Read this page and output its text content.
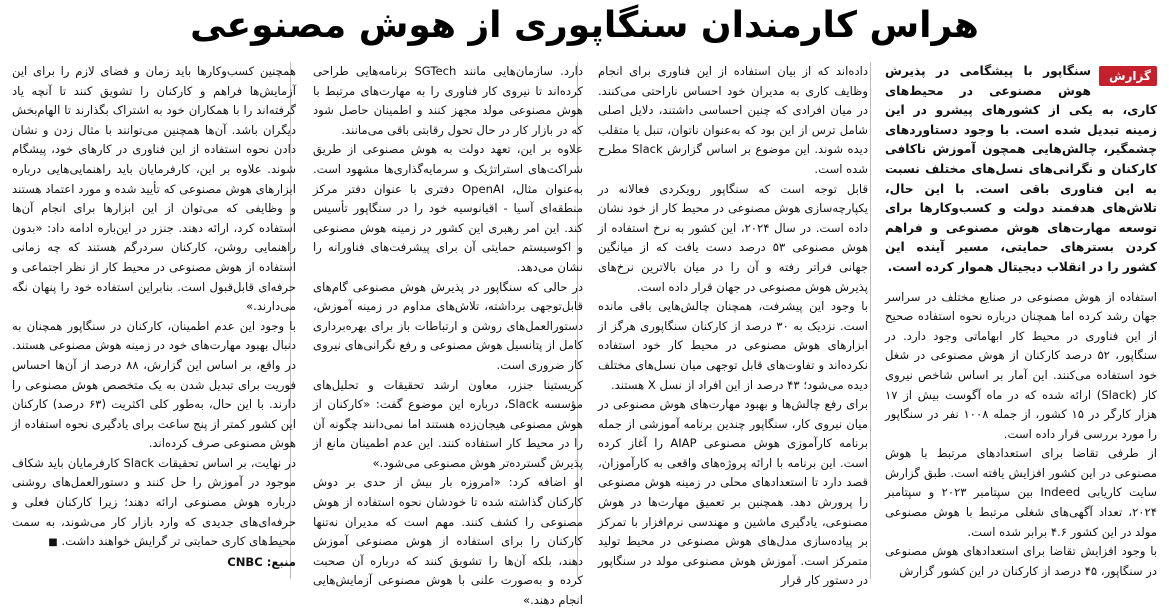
هراس کارمندان سنگاپوری از هوش مصنوعی

گزارش
سنگاپور با پیشگامی در پذیرش هوش مصنوعی در محیط‌های کاری، به یکی از کشورهای پیشرو در این زمینه تبدیل شده است. با وجود دستاوردهای چشمگیر، چالش‌هایی همچون آموزش ناکافی کارکنان و نگرانی‌های نسل‌های مختلف نسبت به این فناوری باقی است. با این حال، تلاش‌های هدفمند دولت و کسب‌وکارها برای توسعه مهارت‌های هوش مصنوعی و فراهم کردن بسترهای حمایتی، مسیر آینده این کشور را در انقلاب دیجیتال هموار کرده است.

استفاده از هوش مصنوعی در صنایع مختلف در سراسر جهان رشد کرده اما همچنان درباره نحوه استفاده صحیح از این فناوری در محیط کار ابهاماتی وجود دارد. در سنگاپور، ۵۲ درصد کارکنان از هوش مصنوعی در شغل خود استفاده می‌کنند. این آمار بر اساس شاخص نیروی کار (Slack) ارائه شده که در ماه آگوست بیش از ۱۷ هزار کارگر در ۱۵ کشور، از جمله ۱۰۰۸ نفر در سنگاپور را مورد بررسی قرار داده است.

از طرفی تقاضا برای استعدادهای مرتبط با هوش مصنوعی در این کشور افزایش یافته است. طبق گزارش سایت کاریابی Indeed بین سپتامبر ۲۰۲۳ و سپتامبر ۲۰۲۴، تعداد آگهی‌های شغلی مرتبط با هوش مصنوعی مولد در این کشور ۴.۶ برابر شده است.

با وجود افزایش تقاضا برای استعدادهای هوش مصنوعی در سنگاپور، ۴۵ درصد از کارکنان در این کشور گزارش

داده‌اند که از بیان استفاده از این فناوری برای انجام وظایف کاری به مدیران خود احساس ناراحتی می‌کنند. در میان افرادی که چنین احساسی داشتند، دلایل اصلی شامل ترس از این بود که به‌عنوان ناتوان، تنبل یا متقلب دیده شوند. این موضوع بر اساس گزارش Slack مطرح شده است.

قابل توجه است که سنگاپور رویکردی فعالانه در یکپارچه‌سازی هوش مصنوعی در محیط کار از خود نشان داده است. در سال ۲۰۲۴، این کشور به نرخ استفاده از هوش مصنوعی ۵۳ درصد دست یافت که از میانگین جهانی فراتر رفته و آن را در میان بالاترین نرخ‌های پذیرش هوش مصنوعی در جهان قرار داده است.

با وجود این پیشرفت، همچنان چالش‌هایی باقی مانده است. نزدیک به ۳۰ درصد از کارکنان سنگاپوری هرگز از ابزارهای هوش مصنوعی در محیط کار خود استفاده نکرده‌اند و تفاوت‌های قابل توجهی میان نسل‌های مختلف دیده می‌شود؛ ۴۳ درصد از این افراد از نسل X هستند.

برای رفع چالش‌ها و بهبود مهارت‌های هوش مصنوعی در میان نیروی کار، سنگاپور چندین برنامه آموزشی از جمله برنامه کارآموزی هوش مصنوعی AIAP را آغاز کرده است. این برنامه با ارائه پروژه‌های واقعی به کارآموزان، قصد دارد تا استعدادهای محلی در زمینه هوش مصنوعی را پرورش دهد. همچنین بر تعمیق مهارت‌ها در هوش مصنوعی، یادگیری ماشین و مهندسی نرم‌افزار با تمرکز بر پیاده‌سازی مدل‌های هوش مصنوعی در محیط تولید متمرکز است. آموزش هوش مصنوعی مولد در سنگاپور در دستور کار قرار

دارد. سازمان‌هایی مانند SGTech برنامه‌هایی طراحی کرده‌اند تا نیروی کار فناوری را به مهارت‌های مرتبط با هوش مصنوعی مولد مجهز کنند و اطمینان حاصل شود که در بازار کار در حال تحول رقابتی باقی می‌مانند.

علاوه بر این، تعهد دولت به هوش مصنوعی از طریق شراکت‌های استراتژیک و سرمایه‌گذاری‌ها مشهود است. به‌عنوان مثال، OpenAI دفتری با عنوان دفتر مرکز منطقه‌ای آسیا - اقیانوسیه خود را در سنگاپور تأسیس کند. این امر رهبری این کشور در زمینه هوش مصنوعی و اکوسیستم حمایتی آن برای پیشرفت‌های فناورانه را نشان می‌دهد.

در حالی که سنگاپور در پذیرش هوش مصنوعی گام‌های قابل‌توجهی برداشته، تلاش‌های مداوم در زمینه آموزش، دستورالعمل‌های روشن و ارتباطات باز برای بهره‌برداری کامل از پتانسیل هوش مصنوعی و رفع نگرانی‌های نیروی کار ضروری است.

کریستینا جنزر، معاون ارشد تحقیقات و تحلیل‌های مؤسسه Slack، درباره این موضوع گفت: «کارکنان از هوش مصنوعی هیجان‌زده هستند اما نمی‌دانند چگونه آن را در محیط کار استفاده کنند. این عدم اطمینان مانع از پذیرش گسترده‌تر هوش مصنوعی می‌شود.»

او اضافه کرد: «امروزه بار بیش از حدی بر دوش کارکنان گذاشته شده تا خودشان نحوه استفاده از هوش مصنوعی را کشف کنند. مهم است که مدیران نه‌تنها کارکنان را برای استفاده از هوش مصنوعی آموزش دهند، بلکه آن‌ها را تشویق کنند که درباره آن صحبت کرده و به‌صورت علنی با هوش مصنوعی آزمایش‌هایی انجام دهند.»

همچنین کسب‌وکارها باید زمان و فضای لازم را برای این آزمایش‌ها فراهم و کارکنان را تشویق کنند تا آنچه یاد گرفته‌اند را با همکاران خود به اشتراک بگذارند تا الهام‌بخش دیگران باشد. آن‌ها همچنین می‌توانند با مثال زدن و نشان دادن نحوه استفاده از این فناوری در کارهای خود، پیشگام شوند. علاوه بر این، کارفرمایان باید راهنمایی‌هایی درباره ابزارهای هوش مصنوعی که تأیید شده و مورد اعتماد هستند و وظایفی که می‌توان از این ابزارها برای انجام آن‌ها استفاده کرد، ارائه دهند. جنزر در این‌باره ادامه داد: «بدون راهنمایی روشن، کارکنان سردرگم هستند که چه زمانی استفاده از هوش مصنوعی در محیط کار از نظر اجتماعی و حرفه‌ای قابل‌قبول است. بنابراین استفاده خود را پنهان نگه می‌دارند.»

با وجود این عدم اطمینان، کارکنان در سنگاپور همچنان به دنبال بهبود مهارت‌های خود در زمینه هوش مصنوعی هستند. در واقع، بر اساس این گزارش، ۸۸ درصد از آن‌ها احساس فوریت برای تبدیل شدن به یک متخصص هوش مصنوعی را دارند. با این حال، به‌طور کلی اکثریت (۶۳ درصد) کارکنان این کشور کمتر از پنج ساعت برای یادگیری نحوه استفاده از هوش مصنوعی صرف کرده‌اند.

در نهایت، بر اساس تحقیقات Slack کارفرمایان باید شکاف موجود در آموزش را حل کنند و دستورالعمل‌های روشنی درباره هوش مصنوعی ارائه دهند؛ زیرا کارکنان فعلی و حرفه‌ای‌های جدیدی که وارد بازار کار می‌شوند، به سمت محیط‌های کاری حمایتی تر گرایش خواهند داشت. ■

منبع: CNBC
